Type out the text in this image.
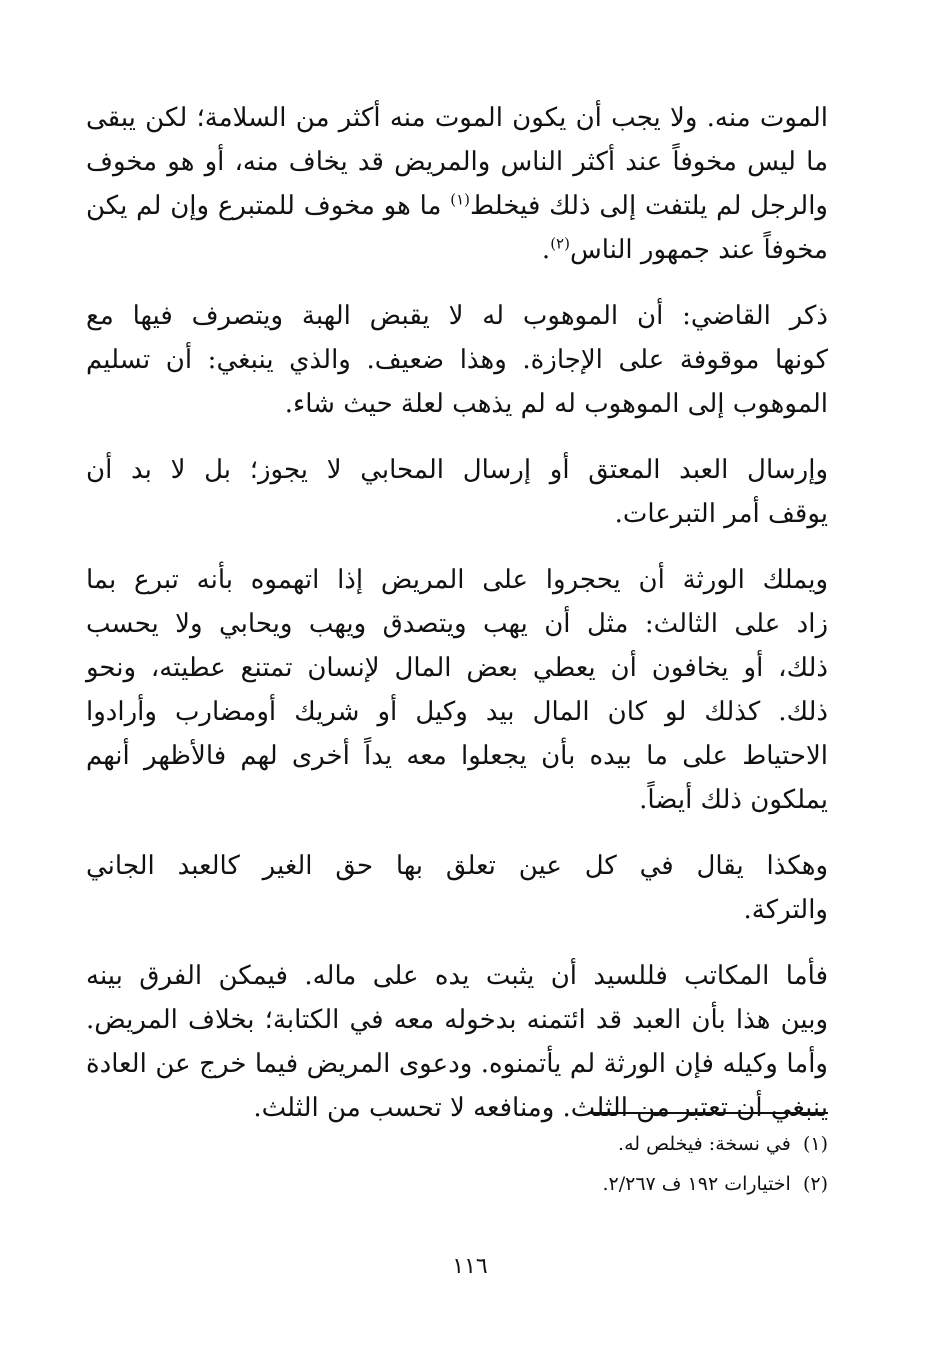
الموت منه. ولا يجب أن يكون الموت منه أكثر من السلامة؛ لكن يبقى
ما ليس مخوفاً عند أكثر الناس والمريض قد يخاف منه، أو هو مخوف
والرجل لم يلتفت إلى ذلك فيخلط$^{(١)}$ ما هو مخوف للمتبرع وإن لم يكن
مخوفاً عند جمهور الناس$^{(٢)}$.

ذكر القاضي: أن الموهوب له لا يقبض الهبة ويتصرف فيها مع
كونها موقوفة على الإجازة. وهذا ضعيف. والذي ينبغي: أن تسليم
الموهوب إلى الموهوب له لم يذهب لعلة حيث شاء.

وإرسال العبد المعتق أو إرسال المحابي لا يجوز؛ بل لا بد أن
يوقف أمر التبرعات.

ويملك الورثة أن يحجروا على المريض إذا اتهموه بأنه تبرع بما
زاد على الثالث: مثل أن يهب ويتصدق ويهب ويحابي ولا يحسب
ذلك، أو يخافون أن يعطي بعض المال لإنسان تمتنع عطيته، ونحو
ذلك. كذلك لو كان المال بيد وكيل أو شريك أومضارب وأرادوا
الاحتياط على ما بيده بأن يجعلوا معه يداً أخرى لهم فالأظهر أنهم
يملكون ذلك أيضاً.

وهكذا يقال في كل عين تعلق بها حق الغير كالعبد الجاني
والتركة.

فأما المكاتب فللسيد أن يثبت يده على ماله. فيمكن الفرق بينه
وبين هذا بأن العبد قد ائتمنه بدخوله معه في الكتابة؛ بخلاف المريض.
وأما وكيله فإن الورثة لم يأتمنوه. ودعوى المريض فيما خرج عن العادة
ينبغي أن تعتبر من الثلث. ومنافعه لا تحسب من الثلث.

(١)  في نسخة: فيخلص له.
(٢)  اختيارات ١٩٢ ف ٢/٢٦٧.
١١٦
